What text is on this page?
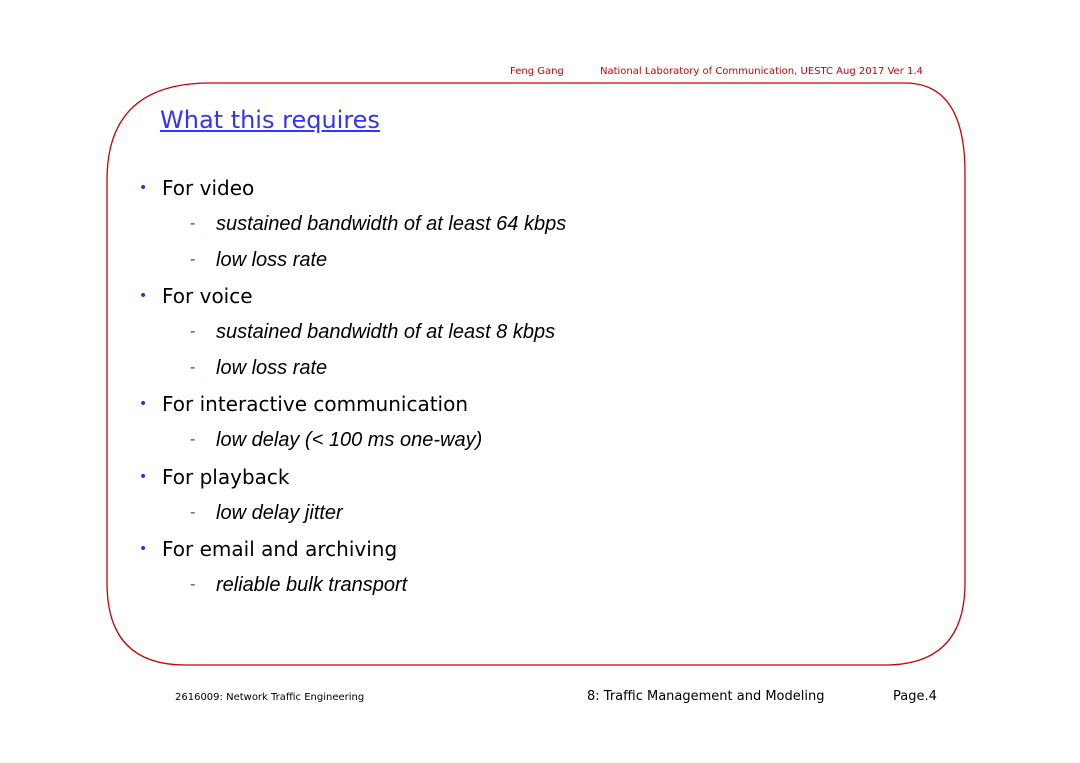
Feng Gang	National Laboratory of Communication, UESTC Aug 2017 Ver 1.4
What this requires
• For video
- sustained bandwidth of at least 64 kbps
- low loss rate
• For voice
- sustained bandwidth of at least 8 kbps
- low loss rate
• For interactive communication
- low delay (< 100 ms one-way)
• For playback
- low delay jitter
• For email and archiving
- reliable bulk transport
2616009: Network Traffic Engineering	8: Traffic Management and Modeling	Page.4
